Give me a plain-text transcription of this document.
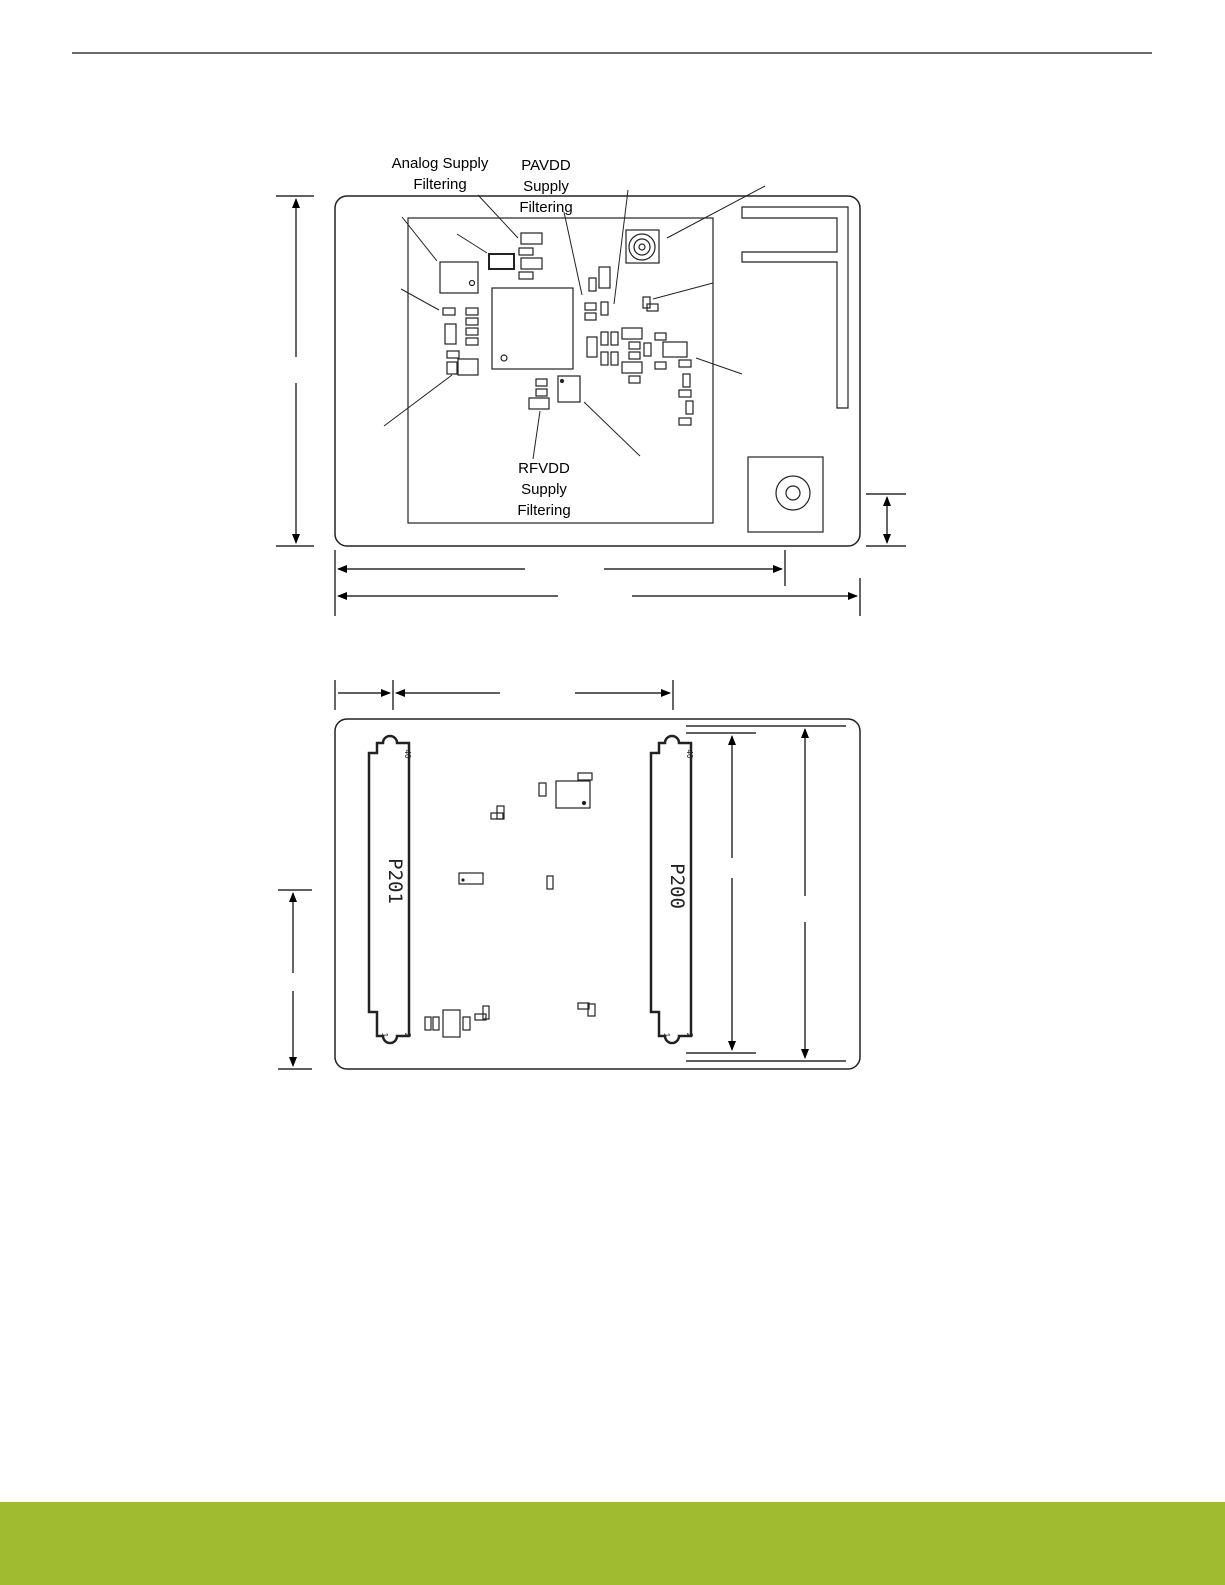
Analog Supply
Filtering
PAVDD
Supply
Filtering
RFVDD
Supply
Filtering
P201
40
1 2
P200
40
1 2
